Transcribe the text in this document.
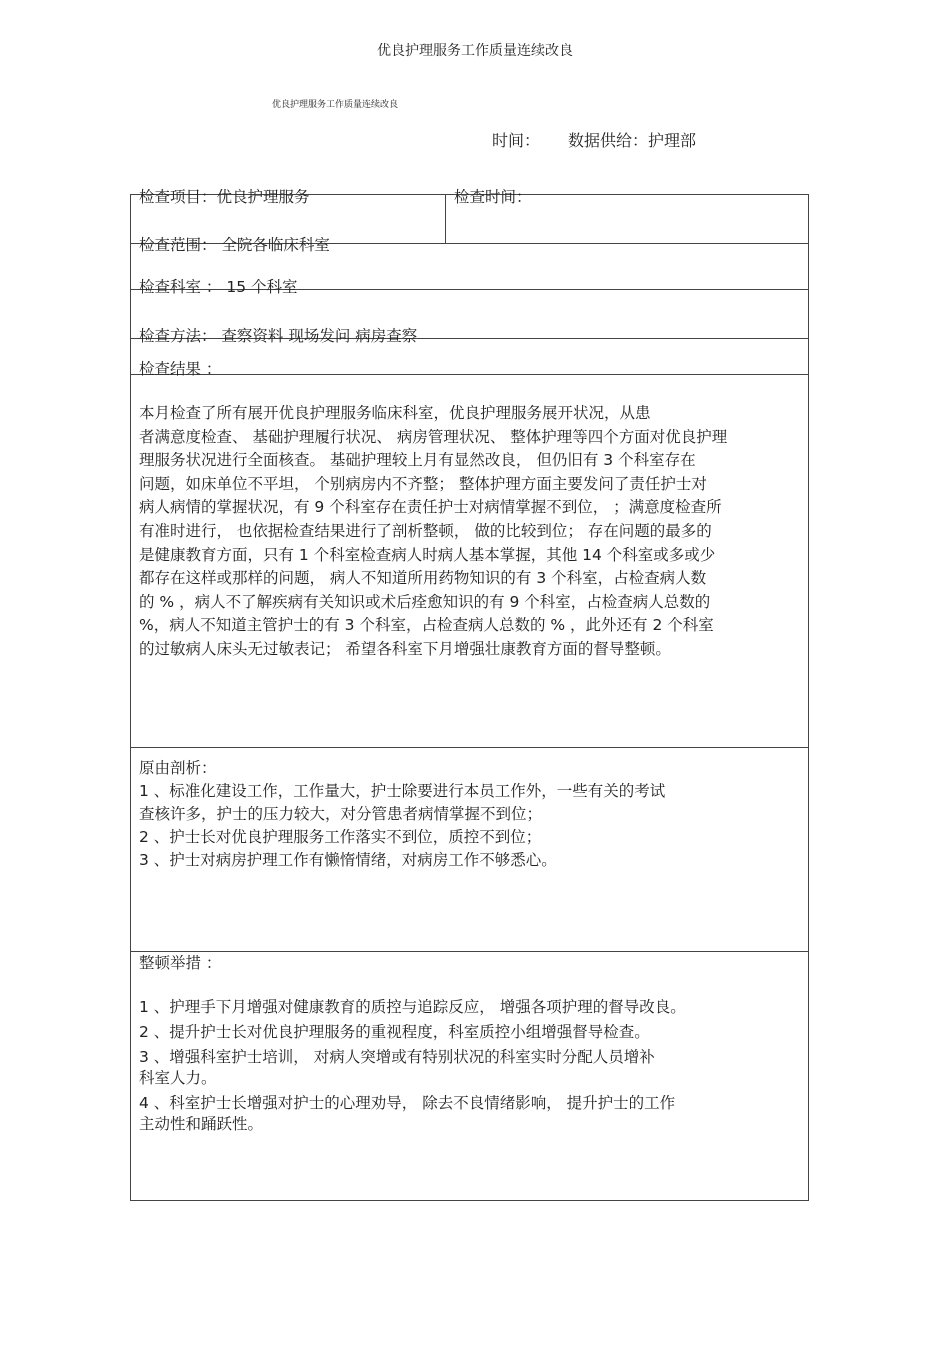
优良护理服务工作质量连续改良
优良护理服务工作质量连续改良
时间： 数据供给：护理部
检查项目：优良护理服务	检查时间：
检查范围： 全院各临床科室
检查科室 ： 15 个科室
检查方法： 查察资料 现场发问 病房查察
检查结果 ：
本月检查了所有展开优良护理服务临床科室，优良护理服务展开状况，从患
者满意度检查、 基础护理履行状况、 病房管理状况、 整体护理等四个方面对优良护理
理服务状况进行全面核查。 基础护理较上月有显然改良， 但仍旧有 3 个科室存在
问题，如床单位不平坦， 个别病房内不齐整； 整体护理方面主要发问了责任护士对
病人病情的掌握状况，有 9 个科室存在责任护士对病情掌握不到位， ；满意度检查所
有准时进行， 也依据检查结果进行了剖析整顿， 做的比较到位； 存在问题的最多的
是健康教育方面，只有 1 个科室检查病人时病人基本掌握，其他 14 个科室或多或少
都存在这样或那样的问题， 病人不知道所用药物知识的有 3 个科室，占检查病人数
的 % ，病人不了解疾病有关知识或术后痊愈知识的有 9 个科室，占检查病人总数的
%，病人不知道主管护士的有 3 个科室，占检查病人总数的 % ，此外还有 2 个科室
的过敏病人床头无过敏表记； 希望各科室下月增强壮康教育方面的督导整顿。
原由剖析：
1 、标准化建设工作，工作量大，护士除要进行本员工作外，一些有关的考试
查核许多，护士的压力较大，对分管患者病情掌握不到位；
2 、护士长对优良护理服务工作落实不到位，质控不到位；
3 、护士对病房护理工作有懒惰情绪，对病房工作不够悉心。
整顿举措 ：
1 、护理手下月增强对健康教育的质控与追踪反应， 增强各项护理的督导改良。
2 、提升护士长对优良护理服务的重视程度，科室质控小组增强督导检查。
3 、增强科室护士培训， 对病人突增或有特别状况的科室实时分配人员增补
科室人力。
4 、科室护士长增强对护士的心理劝导， 除去不良情绪影响， 提升护士的工作
主动性和踊跃性。
